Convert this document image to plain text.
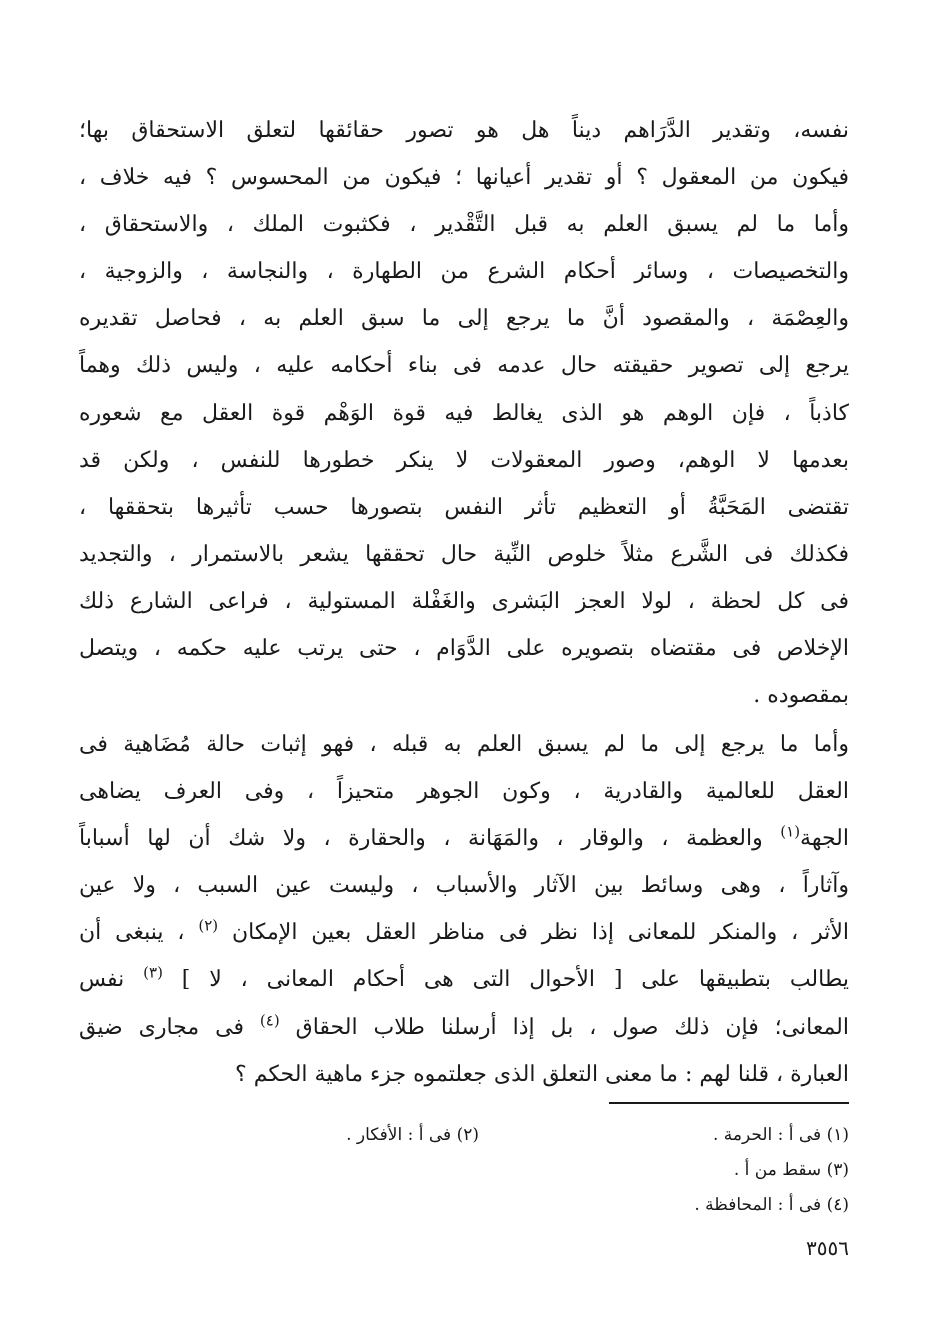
نفسه، وتقدير الدَّرَاهم ديناً هل هو تصور حقائقها لتعلق الاستحقاق بها؛
فيكون من المعقول ؟ أو تقدير أعيانها ؛ فيكون من المحسوس ؟ فيه خلاف ،
وأما ما لم يسبق العلم به قبل التَّقْدير ، فكثبوت الملك ، والاستحقاق ،
والتخصيصات ، وسائر أحكام الشرع من الطهارة ، والنجاسة ، والزوجية ،
والعِصْمَة ، والمقصود أنَّ ما يرجع إلى ما سبق العلم به ، فحاصل تقديره
يرجع إلى تصوير حقيقته حال عدمه فى بناء أحكامه عليه ، وليس ذلك وهماً
كاذباً ، فإن الوهم هو الذى يغالط فيه قوة الوَهْم قوة العقل مع شعوره
بعدمها لا الوهم، وصور المعقولات لا ينكر خطورها للنفس ، ولكن قد
تقتضى المَحَبَّةُ أو التعظيم تأثر النفس بتصورها حسب تأثيرها بتحققها ،
فكذلك فى الشَّرع مثلاً خلوص النِّية حال تحققها يشعر بالاستمرار ، والتجديد
فى كل لحظة ، لولا العجز البَشرى والغَفْلة المستولية ، فراعى الشارع ذلك
الإخلاص فى مقتضاه بتصويره على الدَّوَام ، حتى يرتب عليه حكمه ، ويتصل
بمقصوده .
وأما ما يرجع إلى ما لم يسبق العلم به قبله ، فهو إثبات حالة مُضَاهية فى
العقل للعالمية والقادرية ، وكون الجوهر متحيزاً ، وفى العرف يضاهى
الجهة$^{(١)}$ والعظمة ، والوقار ، والمَهَانة ، والحقارة ، ولا شك أن لها أسباباً
وآثاراً ، وهى وسائط بين الآثار والأسباب ، وليست عين السبب ، ولا عين
الأثر ، والمنكر للمعانى إذا نظر فى مناظر العقل بعين الإمكان $^{(٢)}$ ، ينبغى أن
يطالب بتطبيقها على [ الأحوال التى هى أحكام المعانى ، لا ] $^{(٣)}$ نفس
المعانى؛ فإن ذلك صول ، بل إذا أرسلنا طلاب الحقاق $^{(٤)}$ فى مجارى ضيق
العبارة ، قلنا لهم : ما معنى التعلق الذى جعلتموه جزء ماهية الحكم ؟
(١) فى أ : الحرمة .
(٢) فى أ : الأفكار .
(٣) سقط من أ .
(٤) فى أ : المحافظة .
٣٥٥٦
